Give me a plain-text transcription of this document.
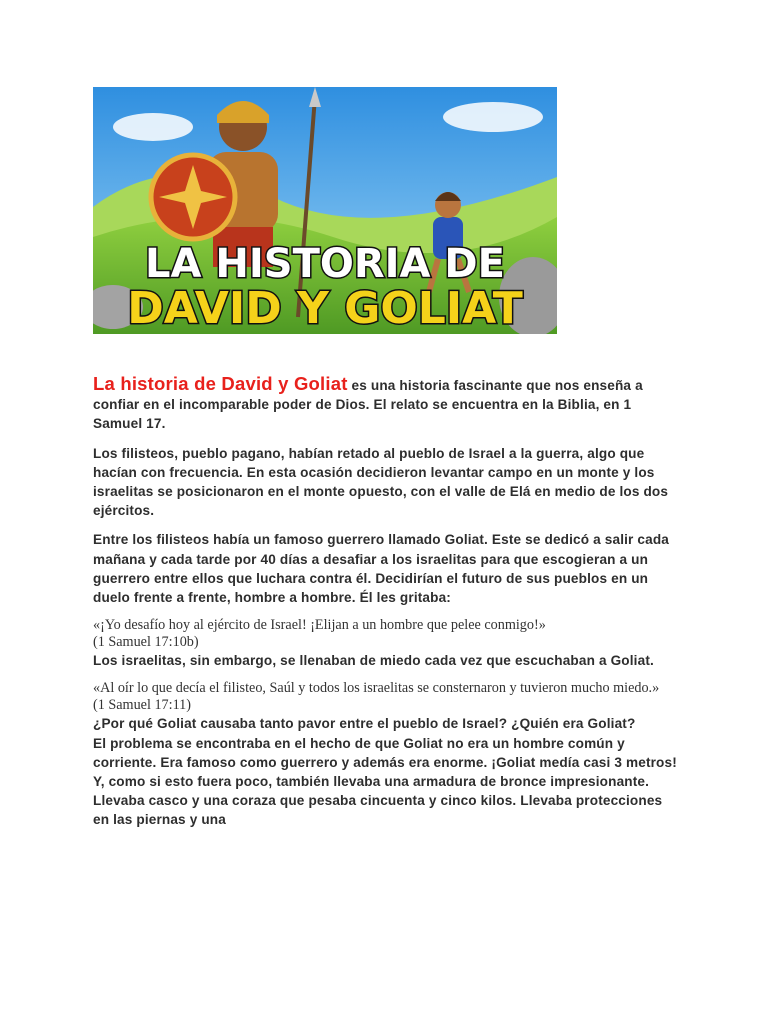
LA HISTORIA DE
DAVID Y GOLIAT

La historia de David y Goliat es una historia fascinante que nos enseña a confiar en el incomparable poder de Dios. El relato se encuentra en la Biblia, en 1 Samuel 17.

Los filisteos, pueblo pagano, habían retado al pueblo de Israel a la guerra, algo que hacían con frecuencia. En esta ocasión decidieron levantar campo en un monte y los israelitas se posicionaron en el monte opuesto, con el valle de Elá en medio de los dos ejércitos.

Entre los filisteos había un famoso guerrero llamado Goliat. Este se dedicó a salir cada mañana y cada tarde por 40 días a desafiar a los israelitas para que escogieran a un guerrero entre ellos que luchara contra él. Decidirían el futuro de sus pueblos en un duelo frente a frente, hombre a hombre. Él les gritaba:

«¡Yo desafío hoy al ejército de Israel! ¡Elijan a un hombre que pelee conmigo!»

(1 Samuel 17:10b)

Los israelitas, sin embargo, se llenaban de miedo cada vez que escuchaban a Goliat.

«Al oír lo que decía el filisteo, Saúl y todos los israelitas se consternaron y tuvieron mucho miedo.»

(1 Samuel 17:11)

¿Por qué Goliat causaba tanto pavor entre el pueblo de Israel? ¿Quién era Goliat?

El problema se encontraba en el hecho de que Goliat no era un hombre común y corriente. Era famoso como guerrero y además era enorme. ¡Goliat medía casi 3 metros! Y, como si esto fuera poco, también llevaba una armadura de bronce impresionante. Llevaba casco y una coraza que pesaba cincuenta y cinco kilos. Llevaba protecciones en las piernas y una
